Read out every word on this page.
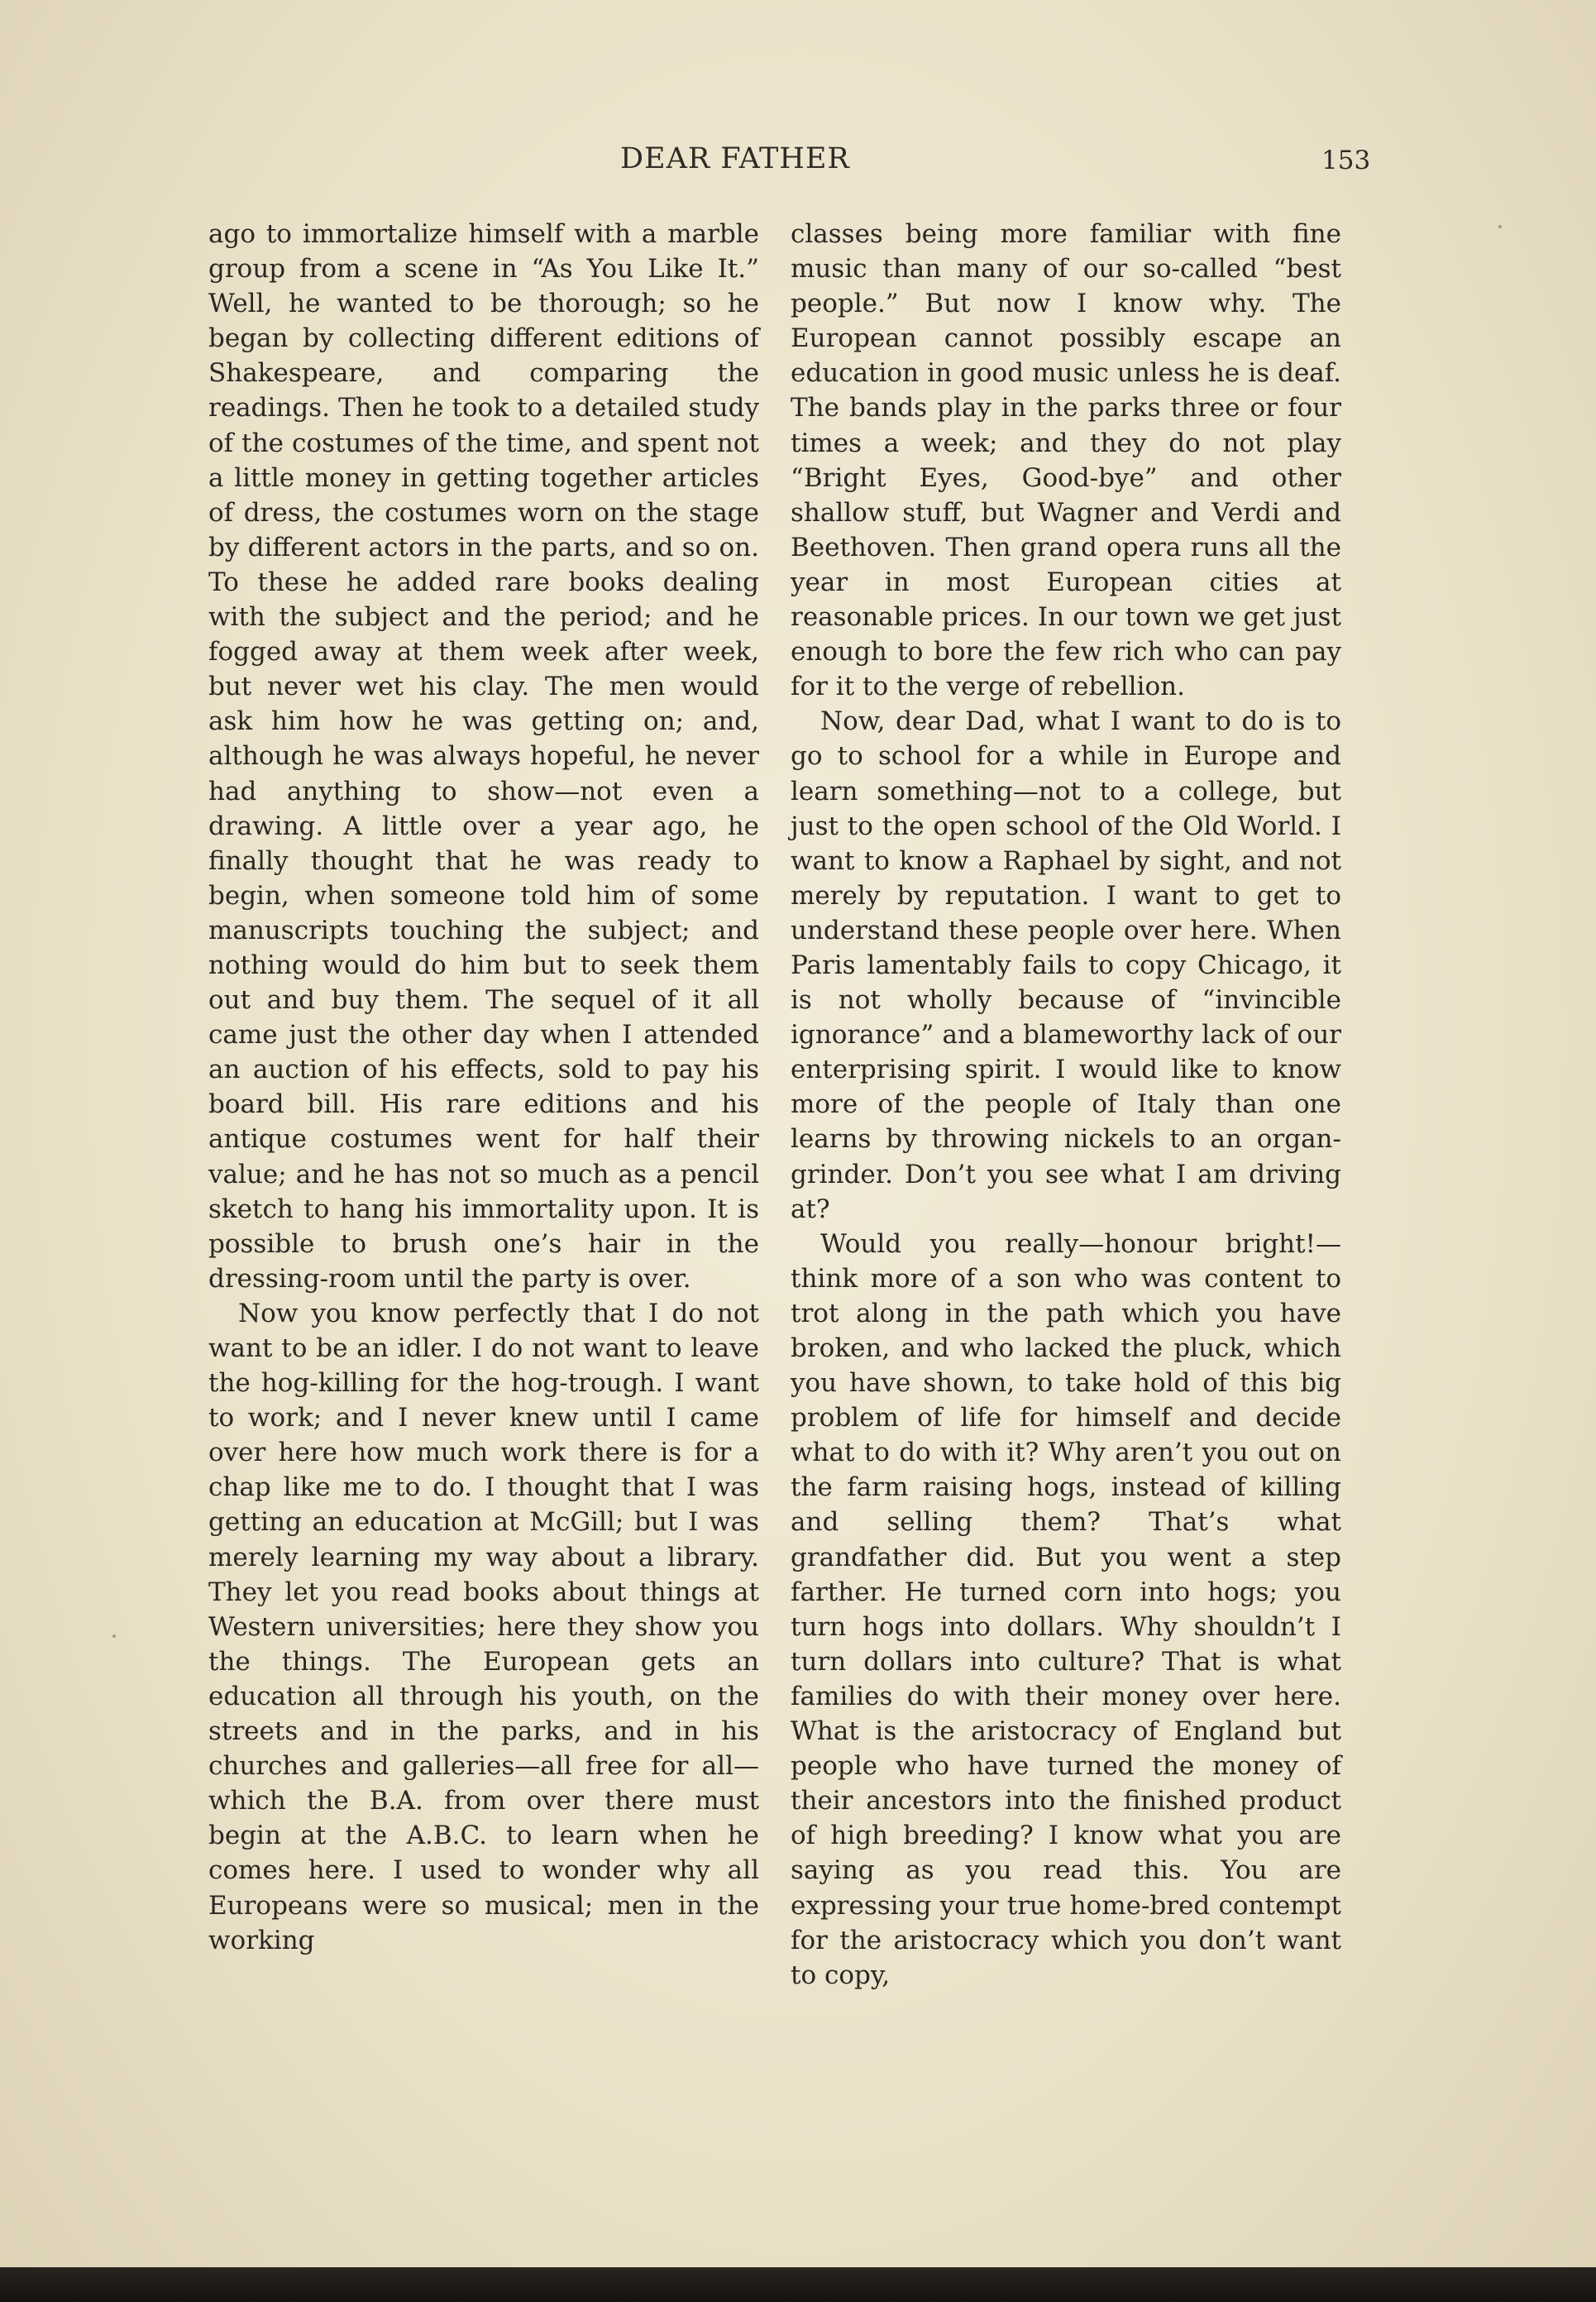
DEAR FATHER	153

ago to immortalize himself with a marble group from a scene in “As You Like It.” Well, he wanted to be thorough; so he began by collecting different editions of Shakespeare, and comparing the readings. Then he took to a detailed study of the costumes of the time, and spent not a little money in getting together articles of dress, the costumes worn on the stage by different actors in the parts, and so on. To these he added rare books dealing with the subject and the period; and he fogged away at them week after week, but never wet his clay. The men would ask him how he was getting on; and, although he was always hopeful, he never had anything to show—not even a drawing. A little over a year ago, he finally thought that he was ready to begin, when someone told him of some manuscripts touching the subject; and nothing would do him but to seek them out and buy them. The sequel of it all came just the other day when I attended an auction of his effects, sold to pay his board bill. His rare editions and his antique costumes went for half their value; and he has not so much as a pencil sketch to hang his immortality upon. It is possible to brush one’s hair in the dressing-room until the party is over.

Now you know perfectly that I do not want to be an idler. I do not want to leave the hog-killing for the hog-trough. I want to work; and I never knew until I came over here how much work there is for a chap like me to do. I thought that I was getting an education at McGill; but I was merely learning my way about a library. They let you read books about things at Western universities; here they show you the things. The European gets an education all through his youth, on the streets and in the parks, and in his churches and galleries—all free for all—which the B.A. from over there must begin at the A.B.C. to learn when he comes here. I used to wonder why all Europeans were so musical; men in the working

classes being more familiar with fine music than many of our so-called “best people.” But now I know why. The European cannot possibly escape an education in good music unless he is deaf. The bands play in the parks three or four times a week; and they do not play “Bright Eyes, Good-bye” and other shallow stuff, but Wagner and Verdi and Beethoven. Then grand opera runs all the year in most European cities at reasonable prices. In our town we get just enough to bore the few rich who can pay for it to the verge of rebellion.

Now, dear Dad, what I want to do is to go to school for a while in Europe and learn something—not to a college, but just to the open school of the Old World. I want to know a Raphael by sight, and not merely by reputation. I want to get to understand these people over here. When Paris lamentably fails to copy Chicago, it is not wholly because of “invincible ignorance” and a blameworthy lack of our enterprising spirit. I would like to know more of the people of Italy than one learns by throwing nickels to an organ-grinder. Don’t you see what I am driving at?

Would you really—honour bright!—think more of a son who was content to trot along in the path which you have broken, and who lacked the pluck, which you have shown, to take hold of this big problem of life for himself and decide what to do with it? Why aren’t you out on the farm raising hogs, instead of killing and selling them? That’s what grandfather did. But you went a step farther. He turned corn into hogs; you turn hogs into dollars. Why shouldn’t I turn dollars into culture? That is what families do with their money over here. What is the aristocracy of England but people who have turned the money of their ancestors into the finished product of high breeding? I know what you are saying as you read this. You are expressing your true home-bred contempt for the aristocracy which you don’t want to copy,
